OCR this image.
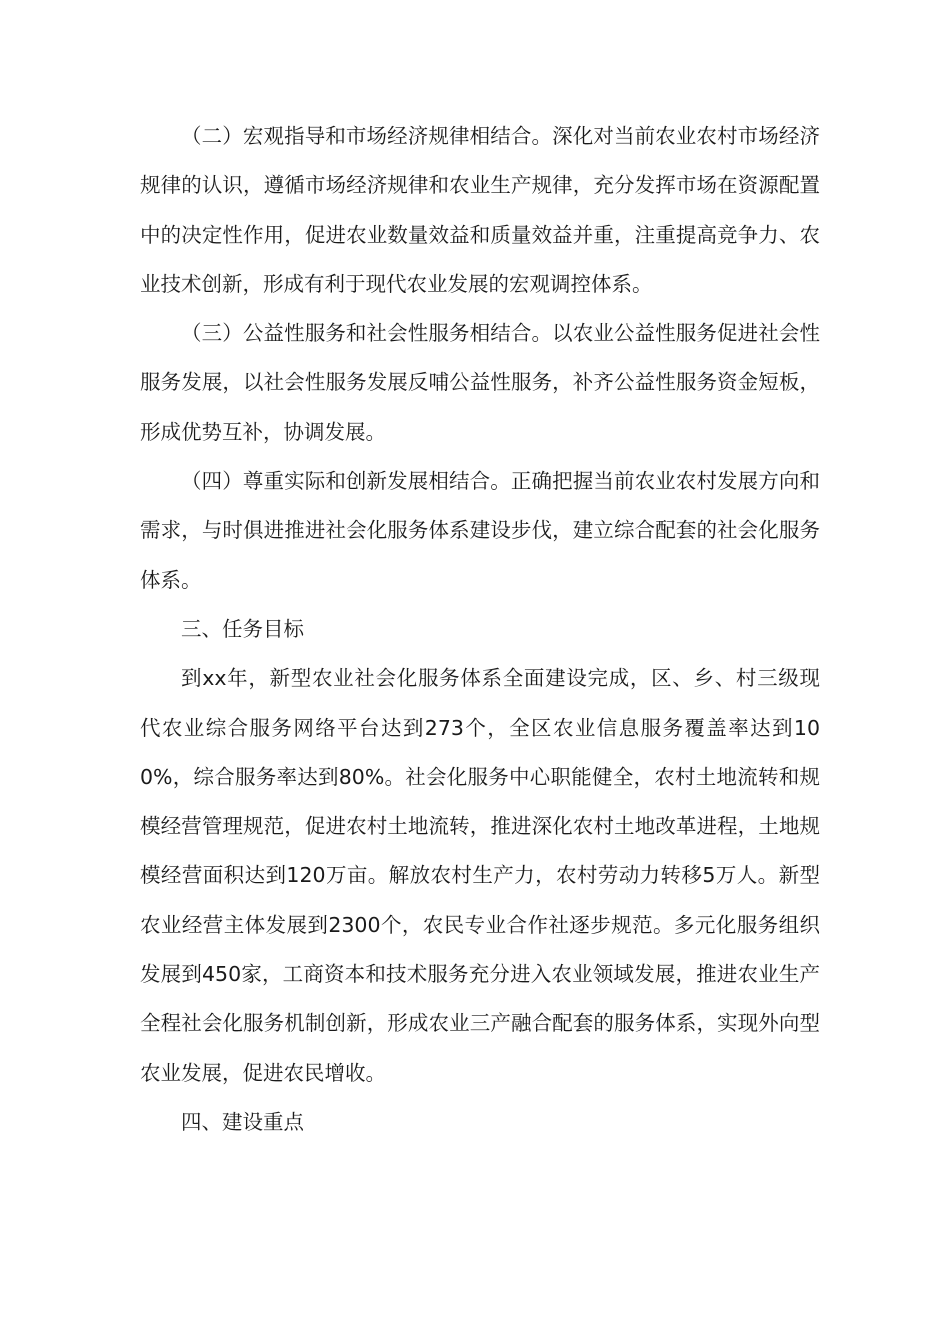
（二）宏观指导和市场经济规律相结合。深化对当前农业农村市场经济规律的认识，遵循市场经济规律和农业生产规律，充分发挥市场在资源配置中的决定性作用，促进农业数量效益和质量效益并重，注重提高竞争力、农业技术创新，形成有利于现代农业发展的宏观调控体系。

（三）公益性服务和社会性服务相结合。以农业公益性服务促进社会性服务发展，以社会性服务发展反哺公益性服务，补齐公益性服务资金短板，形成优势互补，协调发展。

（四）尊重实际和创新发展相结合。正确把握当前农业农村发展方向和需求，与时俱进推进社会化服务体系建设步伐，建立综合配套的社会化服务体系。

三、任务目标

到xx年，新型农业社会化服务体系全面建设完成，区、乡、村三级现代农业综合服务网络平台达到273个，全区农业信息服务覆盖率达到100%，综合服务率达到80%。社会化服务中心职能健全，农村土地流转和规模经营管理规范，促进农村土地流转，推进深化农村土地改革进程，土地规模经营面积达到120万亩。解放农村生产力，农村劳动力转移5万人。新型农业经营主体发展到2300个，农民专业合作社逐步规范。多元化服务组织发展到450家，工商资本和技术服务充分进入农业领域发展，推进农业生产全程社会化服务机制创新，形成农业三产融合配套的服务体系，实现外向型农业发展，促进农民增收。

四、建设重点
